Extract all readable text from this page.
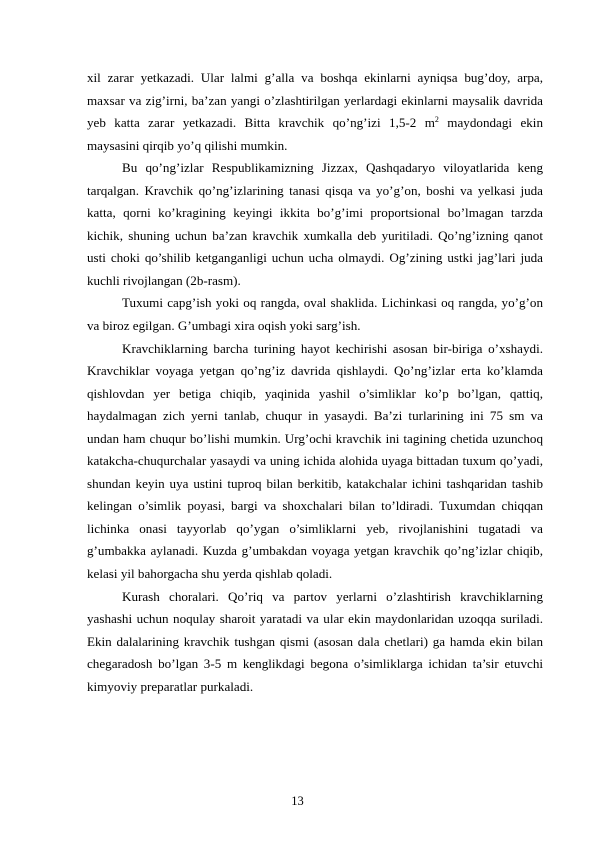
xil zarar yetkazadi. Ular lalmi g’alla va boshqa ekinlarni ayniqsa bug’doy, arpa, maxsar va zig’irni, ba’zan yangi o’zlashtirilgan yerlardagi ekinlarni maysalik davrida yeb katta zarar yetkazadi. Bitta kravchik qo’ng’izi 1,5-2 $m^2$ maydondagi ekin maysasini qirqib yo’q qilishi mumkin.

Bu qo’ng’izlar Respublikamizning Jizzax, Qashqadaryo viloyatlarida keng tarqalgan. Kravchik qo’ng’izlarining tanasi qisqa va yo’g’on, boshi va yelkasi juda katta, qorni ko’kragining keyingi ikkita bo’g’imi proportsional bo’lmagan tarzda kichik, shuning uchun ba’zan kravchik xumkalla deb yuritiladi. Qo’ng’izning qanot usti choki qo’shilib ketganganligi uchun ucha olmaydi. Og’zining ustki jag’lari juda kuchli rivojlangan (2b-rasm).

Tuxumi capg’ish yoki oq rangda, oval shaklida. Lichinkasi oq rangda, yo’g’on va biroz egilgan. G’umbagi xira oqish yoki sarg’ish.

Kravchiklarning barcha turining hayot kechirishi asosan bir-biriga o’xshaydi. Kravchiklar voyaga yetgan qo’ng’iz davrida qishlaydi. Qo’ng’izlar erta ko’klamda qishlovdan yer betiga chiqib, yaqinida yashil o’simliklar ko’p bo’lgan, qattiq, haydalmagan zich yerni tanlab, chuqur in yasaydi. Ba’zi turlarining ini 75 sm va undan ham chuqur bo’lishi mumkin. Urg’ochi kravchik ini tagining chetida uzunchoq katakcha-chuqurchalar yasaydi va uning ichida alohida uyaga bittadan tuxum qo’yadi, shundan keyin uya ustini tuproq bilan berkitib, katakchalar ichini tashqaridan tashib kelingan o’simlik poyasi, bargi va shoxchalari bilan to’ldiradi. Tuxumdan chiqqan lichinka onasi tayyorlab qo’ygan o’simliklarni yeb, rivojlanishini tugatadi va g’umbakka aylanadi. Kuzda g’umbakdan voyaga yetgan kravchik qo’ng’izlar chiqib, kelasi yil bahorgacha shu yerda qishlab qoladi.

Kurash choralari. Qo’riq va partov yerlarni o’zlashtirish kravchiklarning yashashi uchun noqulay sharoit yaratadi va ular ekin maydonlaridan uzoqqa suriladi. Ekin dalalarining kravchik tushgan qismi (asosan dala chetlari) ga hamda ekin bilan chegaradosh bo’lgan 3-5 m kenglikdagi begona o’simliklarga ichidan ta’sir etuvchi kimyoviy preparatlar purkaladi.

13
